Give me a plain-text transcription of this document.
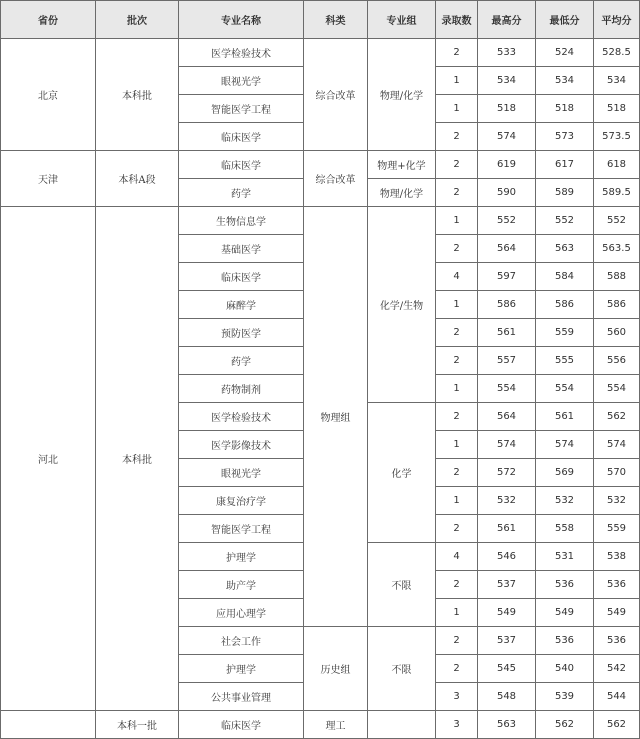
省份	批次	专业名称	科类	专业组	录取数	最高分	最低分	平均分
北京	本科批	医学检验技术	综合改革	物理/化学	2	533	524	528.5
		眼视光学			1	534	534	534
		智能医学工程			1	518	518	518
		临床医学			2	574	573	573.5
天津	本科A段	临床医学	综合改革	物理+化学	2	619	617	618
		药学		物理/化学	2	590	589	589.5
河北	本科批	生物信息学	物理组	化学/生物	1	552	552	552
		基础医学			2	564	563	563.5
		临床医学			4	597	584	588
		麻醉学			1	586	586	586
		预防医学			2	561	559	560
		药学			2	557	555	556
		药物制剂			1	554	554	554
		医学检验技术		化学	2	564	561	562
		医学影像技术			1	574	574	574
		眼视光学			2	572	569	570
		康复治疗学			1	532	532	532
		智能医学工程			2	561	558	559
		护理学		不限	4	546	531	538
		助产学			2	537	536	536
		应用心理学			1	549	549	549
		社会工作	历史组	不限	2	537	536	536
		护理学			2	545	540	542
		公共事业管理			3	548	539	544
	本科一批	临床医学	理工		3	563	562	562
